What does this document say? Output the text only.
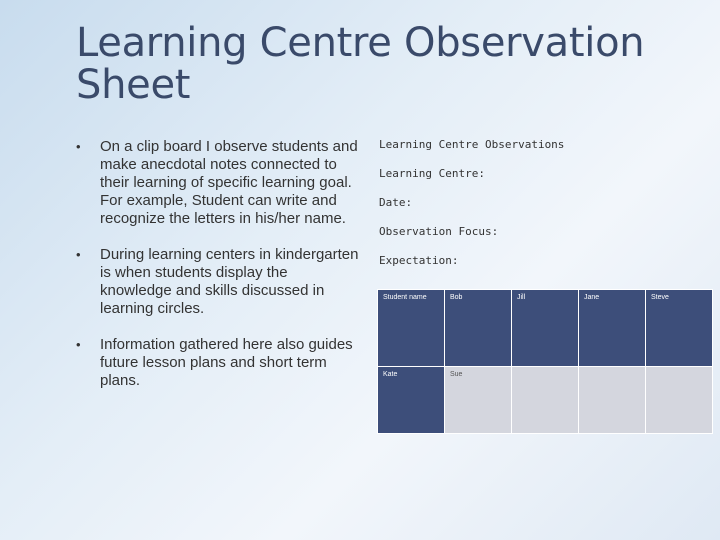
Learning Centre Observation Sheet
• On a clip board I observe students and make anecdotal notes connected to their learning of specific learning goal. For example, Student can write and recognize the letters in his/her name.
• During learning centers in kindergarten is when students display the knowledge and skills discussed in learning circles.
• Information gathered here also guides future lesson plans and short term plans.
Learning Centre Observations
Learning Centre:
Date:
Observation Focus:
Expectation:
Student name	Bob	Jill	Jane	Steve
Kate	Sue			
